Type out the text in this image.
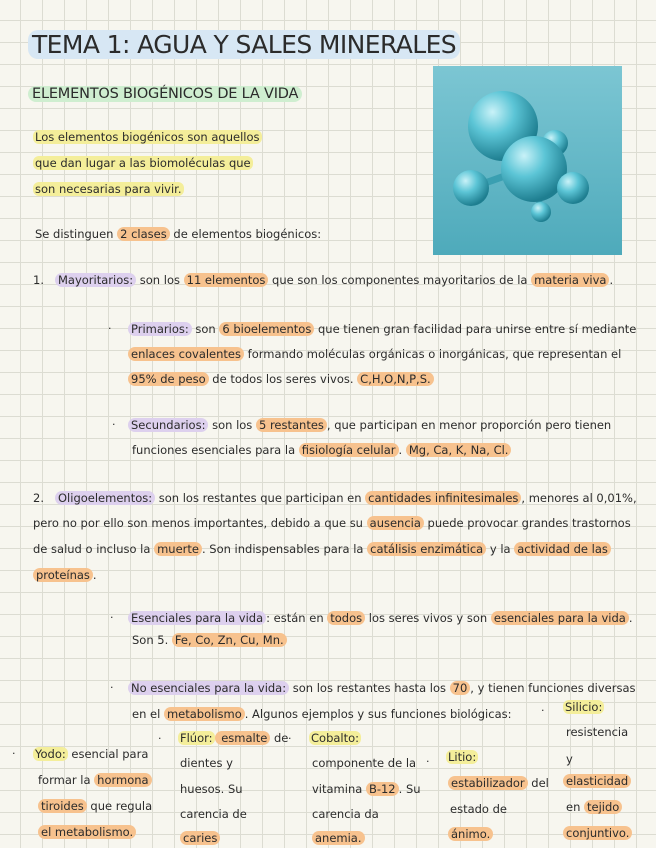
TEMA 1: AGUA Y SALES MINERALES
ELEMENTOS BIOGÉNICOS DE LA VIDA
Los elementos biogénicos son aquellos
que dan lugar a las biomoléculas que
son necesarias para vivir.
Se distinguen 2 clases de elementos biogénicos:
1. Mayoritarios: son los 11 elementos que son los componentes mayoritarios de la materia viva .
· Primarios: son 6 bioelementos que tienen gran facilidad para unirse entre sí mediante
enlaces covalentes formando moléculas orgánicas o inorgánicas, que representan el
95% de peso de todos los seres vivos. C,H,O,N,P,S.
· Secundarios: son los 5 restantes , que participan en menor proporción pero tienen
funciones esenciales para la fisiología celular . Mg, Ca, K, Na, Cl.
2. Oligoelementos: son los restantes que participan en cantidades infinitesimales , menores al 0,01%,
pero no por ello son menos importantes, debido a que su ausencia puede provocar grandes trastornos
de salud o incluso la muerte . Son indispensables para la catálisis enzimática y la actividad de las
proteínas .
· Esenciales para la vida : están en todos los seres vivos y son esenciales para la vida .
Son 5. Fe, Co, Zn, Cu, Mn.
· No esenciales para la vida: son los restantes hasta los 70 , y tienen funciones diversas
en el metabolismo . Algunos ejemplos y sus funciones biológicas:
· Yodo: esencial para
formar la hormona
tiroides que regula
el metabolismo.
· Flúor: esmalte de
dientes y
huesos. Su
carencia de
caries
· Cobalto:
componente de la
vitamina B-12 . Su
carencia da
anemia.
· Litio:
estabilizador del
estado de
ánimo.
· Silicio:
resistencia
y
elasticidad
en tejido
conjuntivo.
